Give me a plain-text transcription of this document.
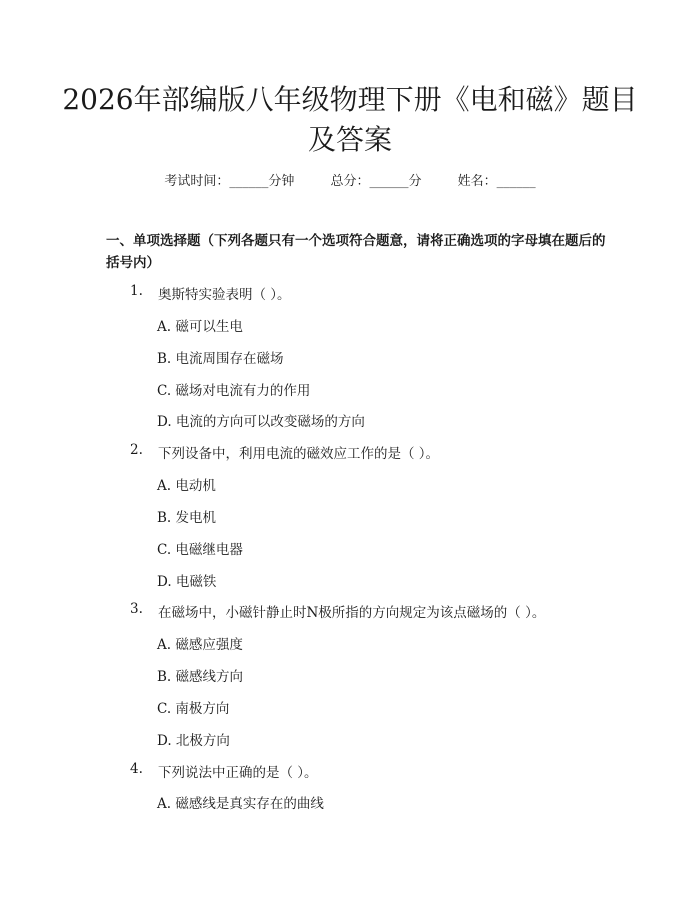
2026年部编版八年级物理下册《电和磁》题目及答案
考试时间：______分钟	总分：______分	姓名：______
一、单项选择题（下列各题只有一个选项符合题意，请将正确选项的字母填在题后的括号内）
1. 奥斯特实验表明（ ）。
A. 磁可以生电
B. 电流周围存在磁场
C. 磁场对电流有力的作用
D. 电流的方向可以改变磁场的方向
2. 下列设备中，利用电流的磁效应工作的是（ ）。
A. 电动机
B. 发电机
C. 电磁继电器
D. 电磁铁
3. 在磁场中，小磁针静止时N极所指的方向规定为该点磁场的（ ）。
A. 磁感应强度
B. 磁感线方向
C. 南极方向
D. 北极方向
4. 下列说法中正确的是（ ）。
A. 磁感线是真实存在的曲线
